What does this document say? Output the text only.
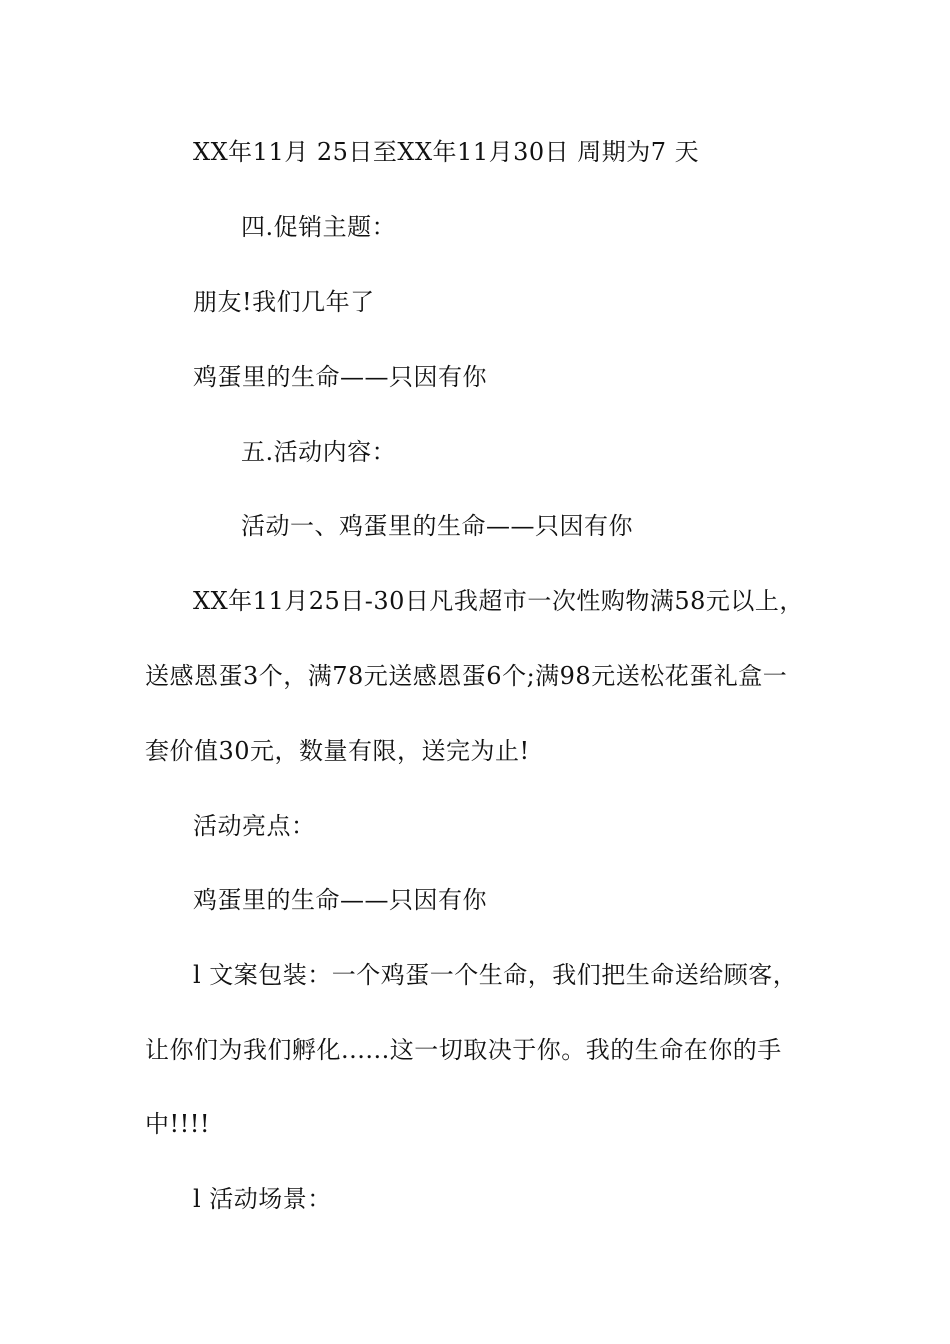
XX年11月 25日至XX年11月30日 周期为7 天
四.促销主题：
朋友!我们几年了
鸡蛋里的生命——只因有你
五.活动内容：
活动一、鸡蛋里的生命——只因有你
XX年11月25日-30日凡我超市一次性购物满58元以上，
送感恩蛋3个，满78元送感恩蛋6个;满98元送松花蛋礼盒一
套价值30元，数量有限，送完为止!
活动亮点：
鸡蛋里的生命——只因有你
l 文案包装：一个鸡蛋一个生命，我们把生命送给顾客，
让你们为我们孵化......这一切取决于你。我的生命在你的手
中!!!!
l 活动场景：
